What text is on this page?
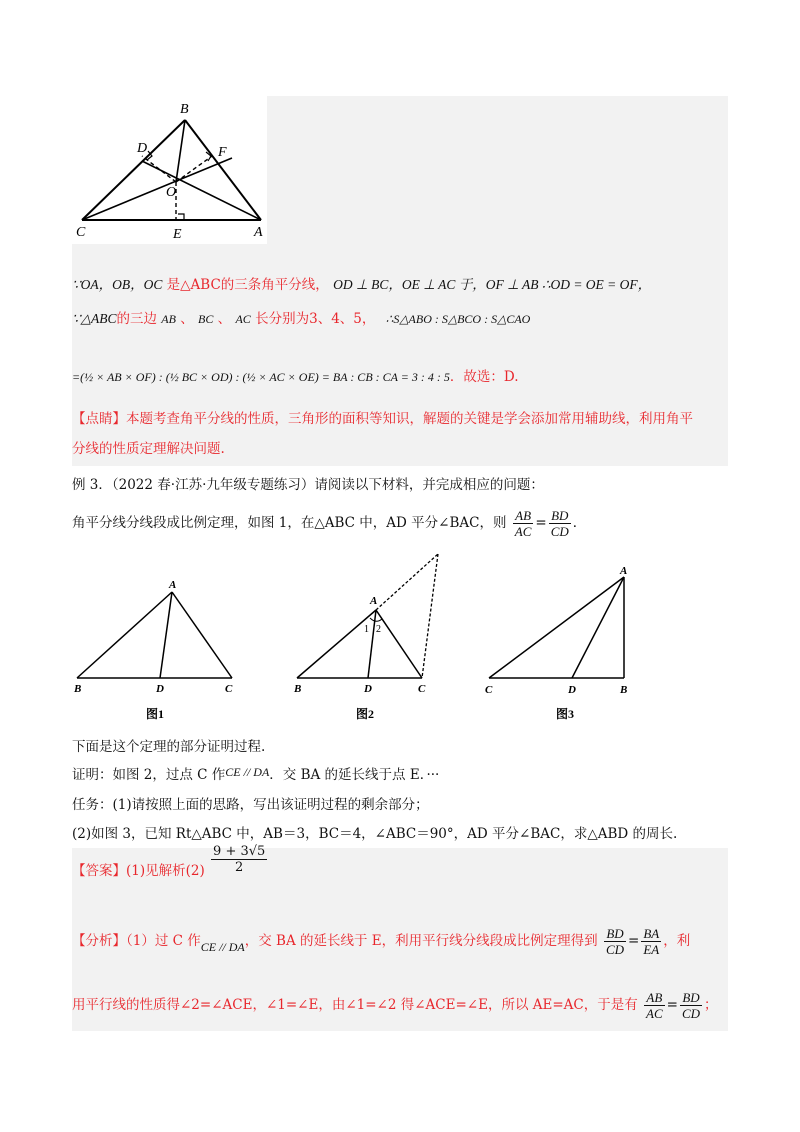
B
D	F
O
C	E	A
∵OA，OB，OC 是△ABC的三条角平分线， OD ⊥ BC，OE ⊥ AC 于，OF ⊥ AB ∴OD = OE = OF，
∵△ABC的三边 AB 、 BC 、 AC 长分别为3、4、5， ∴S△ABO : S△BCO : S△CAO
=(½ × AB × OF) : (½ BC × OD) : (½ × AC × OE) = BA : CB : CA = 3 : 4 : 5．故选：D.
【点睛】本题考查角平分线的性质，三角形的面积等知识，解题的关键是学会添加常用辅助线，利用角平
分线的性质定理解决问题.
例 3．（2022 春·江苏·九年级专题练习）请阅读以下材料，并完成相应的问题：
角平分线分线段成比例定理，如图 1，在△ABC 中，AD 平分∠BAC，则 $\frac{AB}{AC} = \frac{BD}{CD}$ ．
A
B	D	C
图1
A
1 2
B	D	C
图2
A
C	D	B
图3
下面是这个定理的部分证明过程.
证明：如图 2，过点 C 作CE // DA．交 BA 的延长线于点 E．···
任务：(1)请按照上面的思路，写出该证明过程的剩余部分；
(2)如图 3，已知 Rt△ABC 中，AB＝3，BC＝4，∠ABC＝90°，AD 平分∠BAC，求△ABD 的周长.
【答案】(1)见解析$(2) \frac{9 + 3√5}{2}$
【分析】（1）过 C 作CE // DA，交 BA 的延长线于 E，利用平行线分线段成比例定理得到 $\frac{BD}{CD} = \frac{BA}{EA}$ ，利
用平行线的性质得∠2=∠ACE，∠1=∠E，由∠1=∠2 得∠ACE=∠E，所以 AE=AC，于是有 $\frac{AB}{AC} = \frac{BD}{CD}$ ；
